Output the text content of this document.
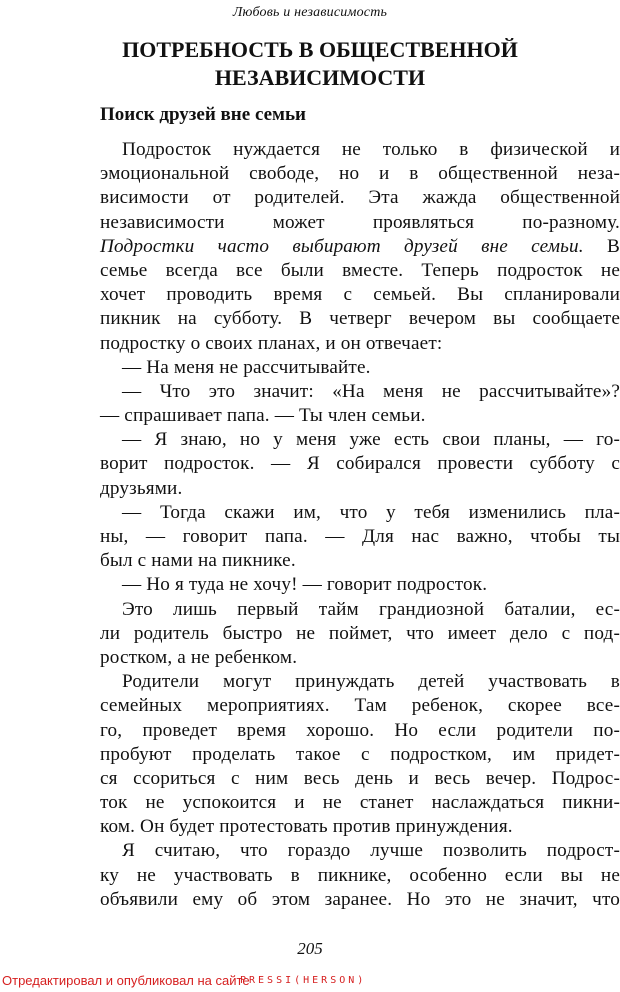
Любовь и независимость
ПОТРЕБНОСТЬ В ОБЩЕСТВЕННОЙ НЕЗАВИСИМОСТИ
Поиск друзей вне семьи
Подросток нуждается не только в физической и
эмоциональной свободе, но и в общественной неза-
висимости от родителей. Эта жажда общественной
независимости может проявляться по-разному.
Подростки часто выбирают друзей вне семьи. В
семье всегда все были вместе. Теперь подросток не
хочет проводить время с семьей. Вы спланировали
пикник на субботу. В четверг вечером вы сообщаете
подростку о своих планах, и он отвечает:
— На меня не рассчитывайте.
— Что это значит: «На меня не рассчитывайте»?
— спрашивает папа. — Ты член семьи.
— Я знаю, но у меня уже есть свои планы, — го-
ворит подросток. — Я собирался провести субботу с
друзьями.
— Тогда скажи им, что у тебя изменились пла-
ны, — говорит папа. — Для нас важно, чтобы ты
был с нами на пикнике.
— Но я туда не хочу! — говорит подросток.
Это лишь первый тайм грандиозной баталии, ес-
ли родитель быстро не поймет, что имеет дело с под-
ростком, а не ребенком.
Родители могут принуждать детей участвовать в
семейных мероприятиях. Там ребенок, скорее все-
го, проведет время хорошо. Но если родители по-
пробуют проделать такое с подростком, им придет-
ся ссориться с ним весь день и весь вечер. Подрос-
ток не успокоится и не станет наслаждаться пикни-
ком. Он будет протестовать против принуждения.
Я считаю, что гораздо лучше позволить подрост-
ку не участвовать в пикнике, особенно если вы не
объявили ему об этом заранее. Но это не значит, что
205
Отредактировал и опубликовал на сайте
PRESSI(HERSON)
